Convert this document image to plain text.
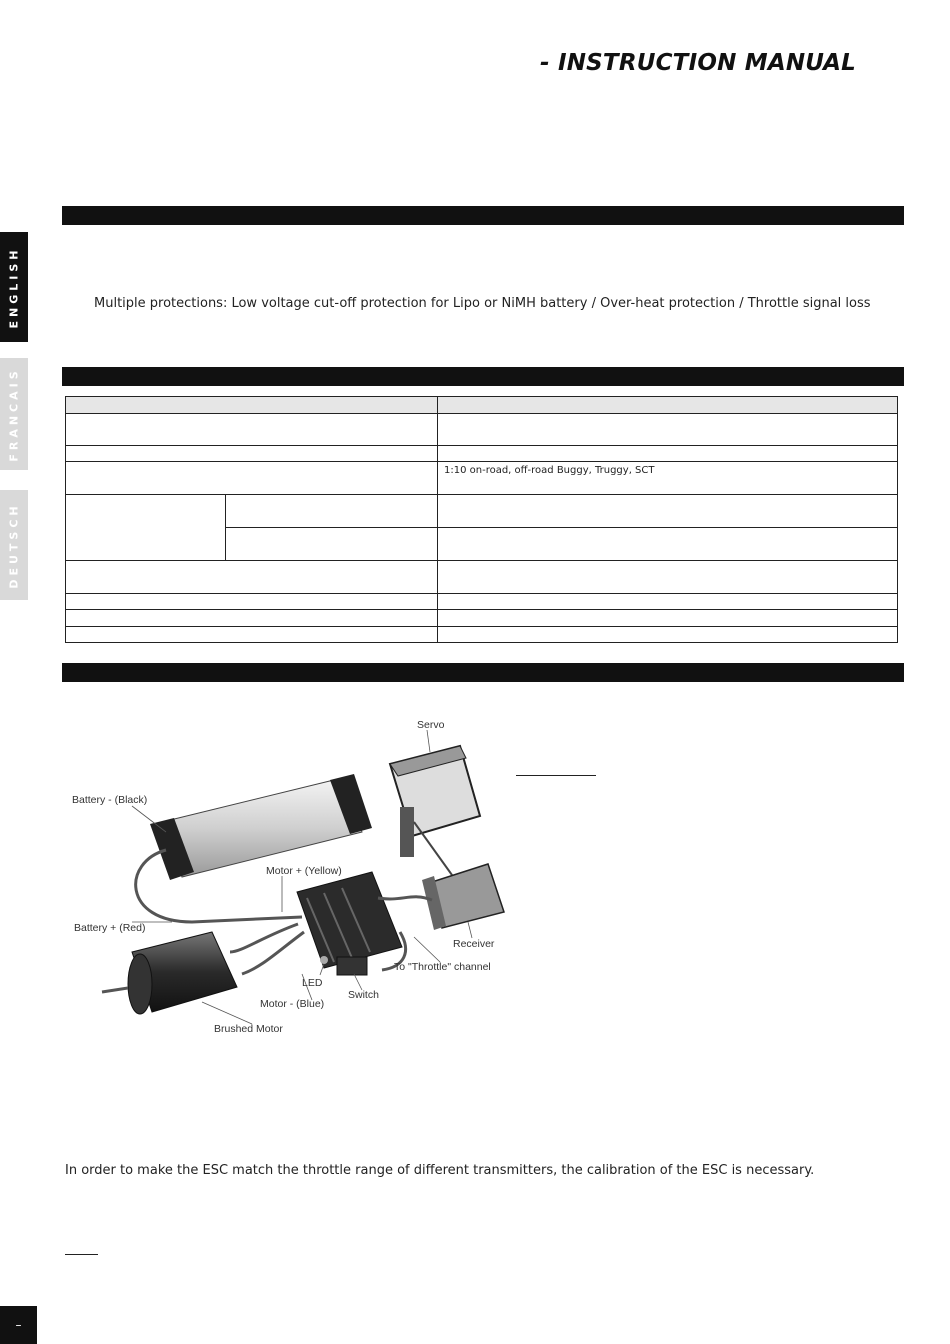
- INSTRUCTION MANUAL
ENGLISH
FRANCAIS
DEUTSCH
Multiple protections: Low voltage cut-off protection for Lipo or NiMH battery / Over-heat protection / Throttle signal loss

		1:10 on-road, off-road Buggy, Truggy, SCT

Servo
Battery - (Black)
Battery + (Red)
Motor + (Yellow)
Receiver
To "Throttle" channel
LED
Switch
Motor - (Blue)
Brushed Motor
In order to make the ESC match the throttle range of different transmitters, the calibration of the ESC is necessary.
–
